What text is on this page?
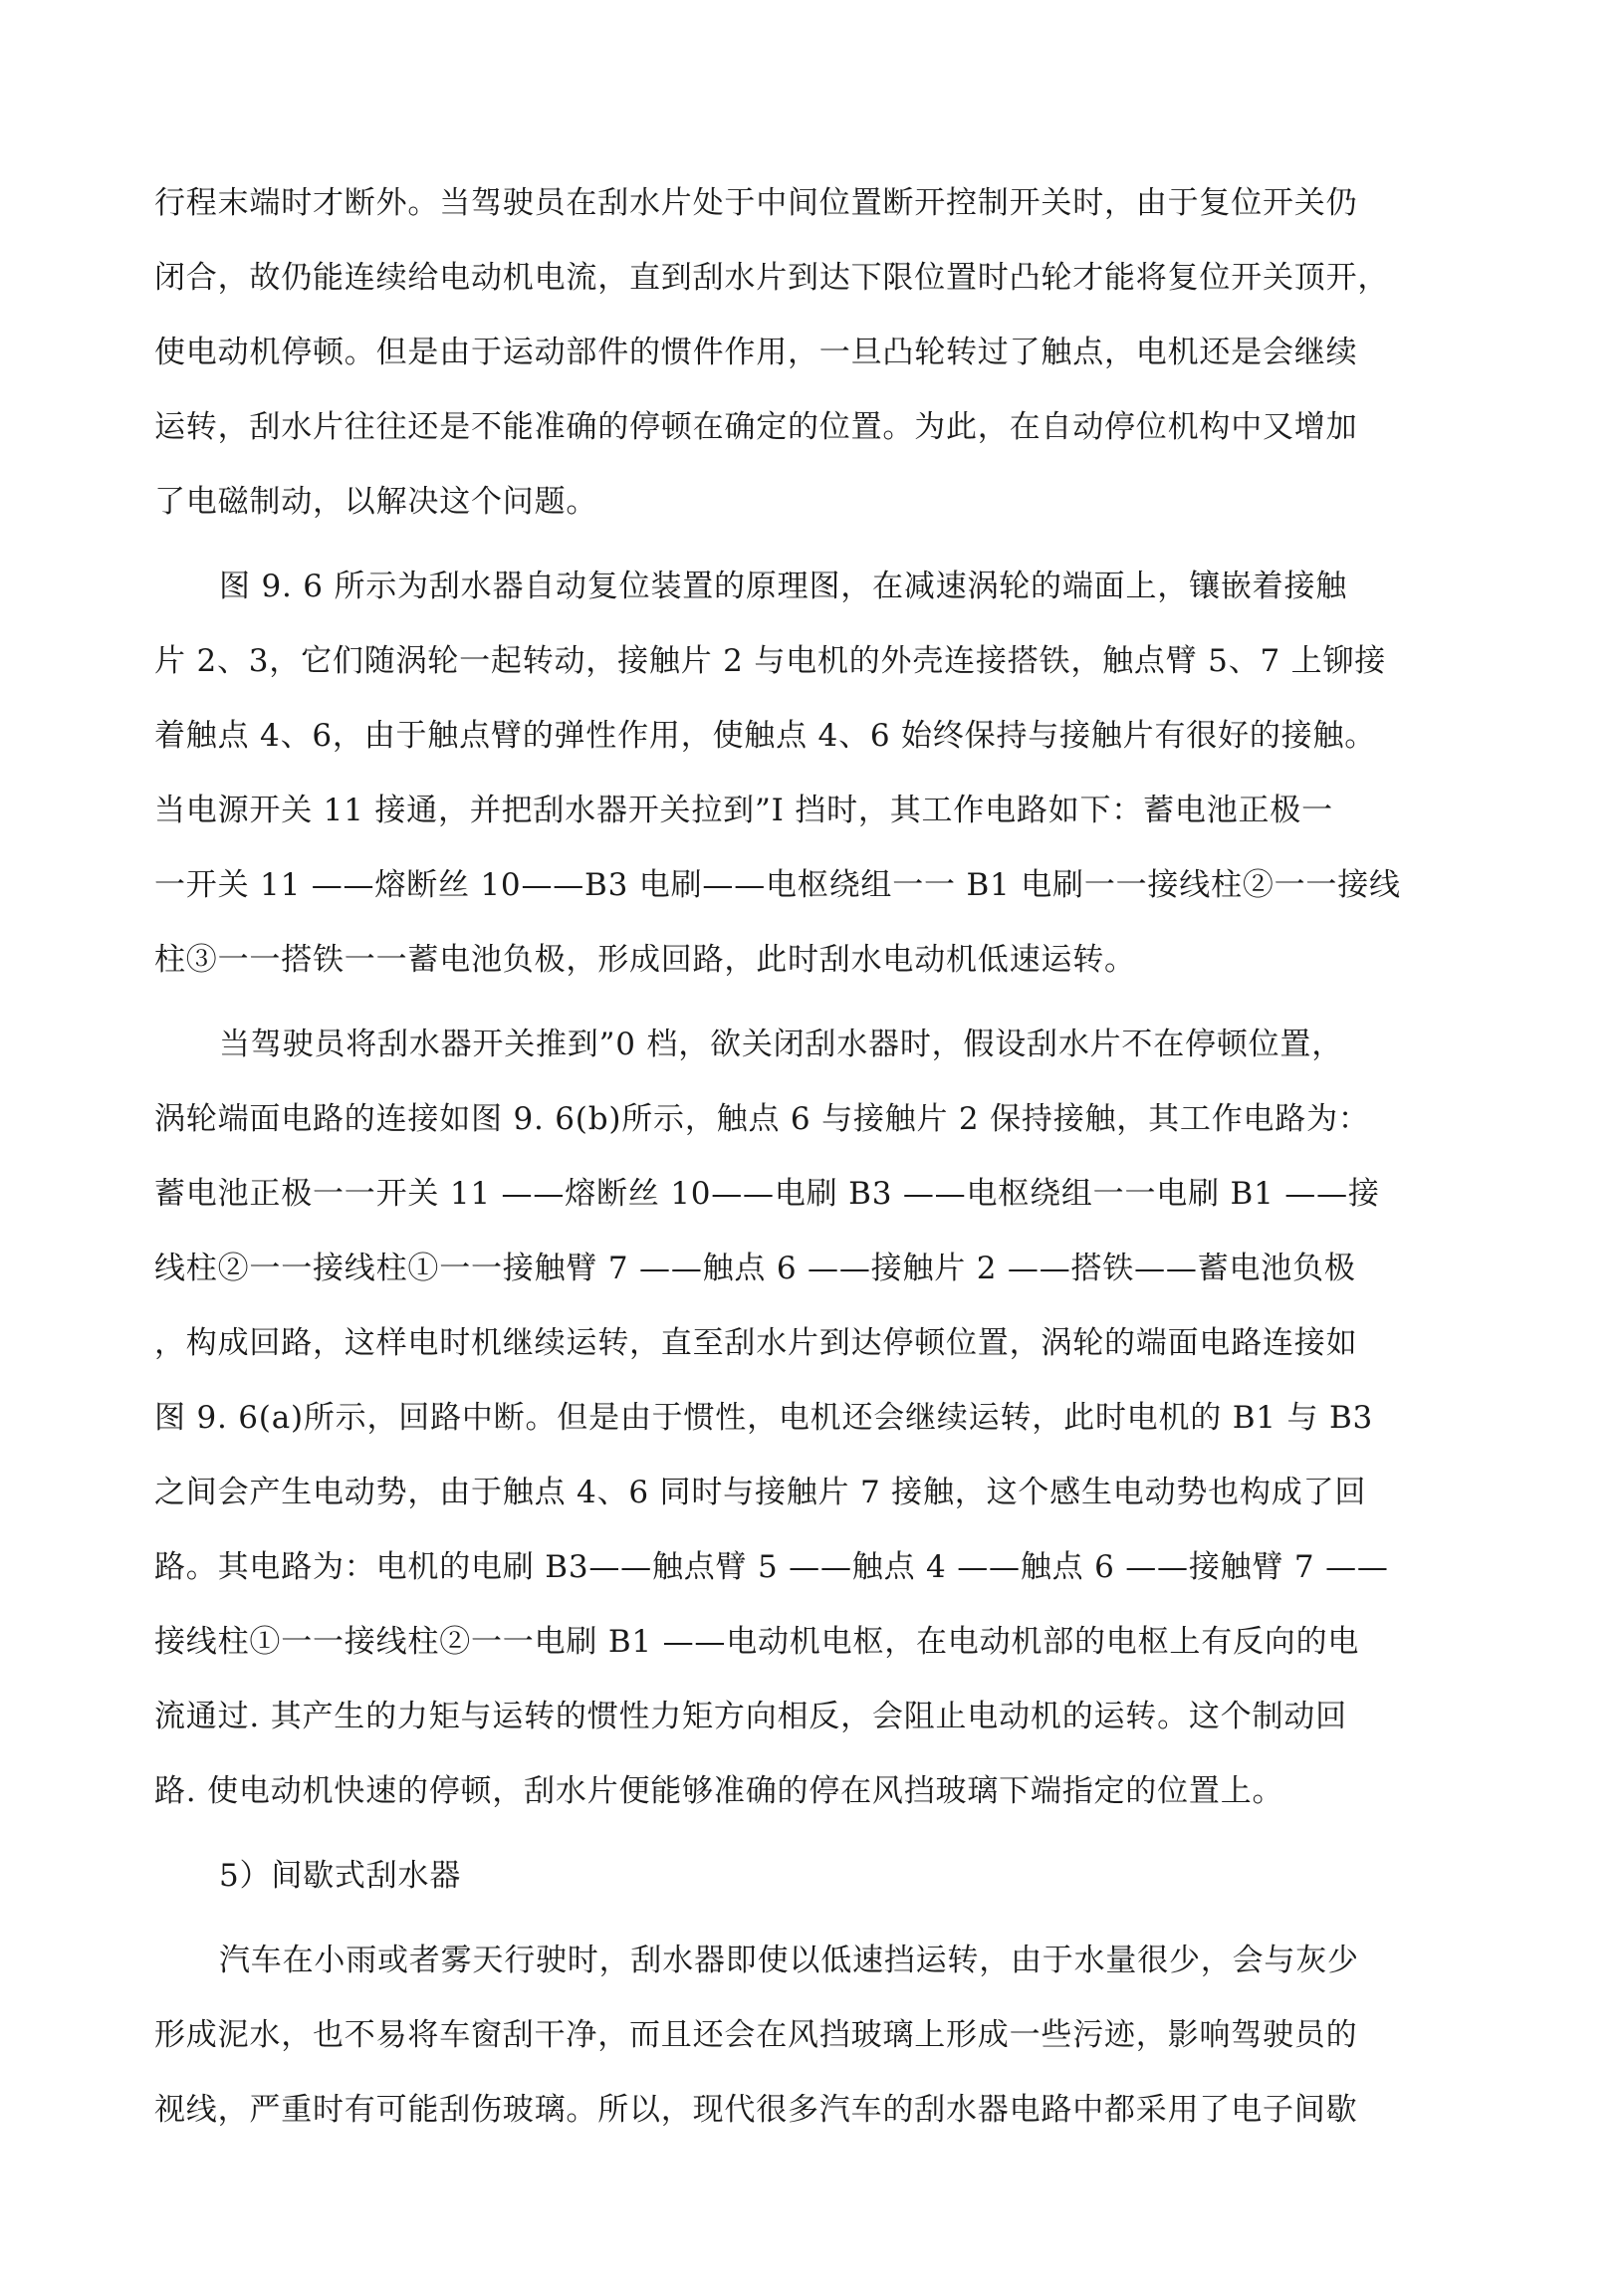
行程末端时才断外。当驾驶员在刮水片处于中间位置断开控制开关时，由于复位开关仍
闭合，故仍能连续给电动机电流，直到刮水片到达下限位置时凸轮才能将复位开关顶开，
使电动机停顿。但是由于运动部件的惯件作用，一旦凸轮转过了触点，电机还是会继续
运转，刮水片往往还是不能准确的停顿在确定的位置。为此，在自动停位机构中又增加
了电磁制动，以解决这个问题。
图 9. 6 所示为刮水器自动复位装置的原理图，在减速涡轮的端面上，镶嵌着接触
片 2、3，它们随涡轮一起转动，接触片 2 与电机的外壳连接搭铁，触点臂 5、7 上铆接
着触点 4、6，由于触点臂的弹性作用，使触点 4、6 始终保持与接触片有很好的接触。
当电源开关 11 接通，并把刮水器开关拉到”I 挡时，其工作电路如下：蓄电池正极一
一开关 11 ——熔断丝 10——B3 电刷——电枢绕组一一 B1 电刷一一接线柱②一一接线
柱③一一搭铁一一蓄电池负极，形成回路，此时刮水电动机低速运转。
当驾驶员将刮水器开关推到”0 档，欲关闭刮水器时，假设刮水片不在停顿位置，
涡轮端面电路的连接如图 9. 6(b)所示，触点 6 与接触片 2 保持接触，其工作电路为：
蓄电池正极一一开关 11 ——熔断丝 10——电刷 B3 ——电枢绕组一一电刷 B1 ——接
线柱②一一接线柱①一一接触臂 7 ——触点 6 ——接触片 2 ——搭铁——蓄电池负极
，构成回路，这样电时机继续运转，直至刮水片到达停顿位置，涡轮的端面电路连接如
图 9. 6(a)所示，回路中断。但是由于惯性，电机还会继续运转，此时电机的 B1 与 B3
之间会产生电动势，由于触点 4、6 同时与接触片 7 接触，这个感生电动势也构成了回
路。其电路为：电机的电刷 B3——触点臂 5 ——触点 4 ——触点 6 ——接触臂 7 ——
接线柱①一一接线柱②一一电刷 B1 ——电动机电枢，在电动机部的电枢上有反向的电
流通过. 其产生的力矩与运转的惯性力矩方向相反，会阻止电动机的运转。这个制动回
路. 使电动机快速的停顿，刮水片便能够准确的停在风挡玻璃下端指定的位置上。
5）间歇式刮水器
汽车在小雨或者雾天行驶时，刮水器即使以低速挡运转，由于水量很少，会与灰少
形成泥水，也不易将车窗刮干净，而且还会在风挡玻璃上形成一些污迹，影响驾驶员的
视线，严重时有可能刮伤玻璃。所以，现代很多汽车的刮水器电路中都采用了电子间歇
